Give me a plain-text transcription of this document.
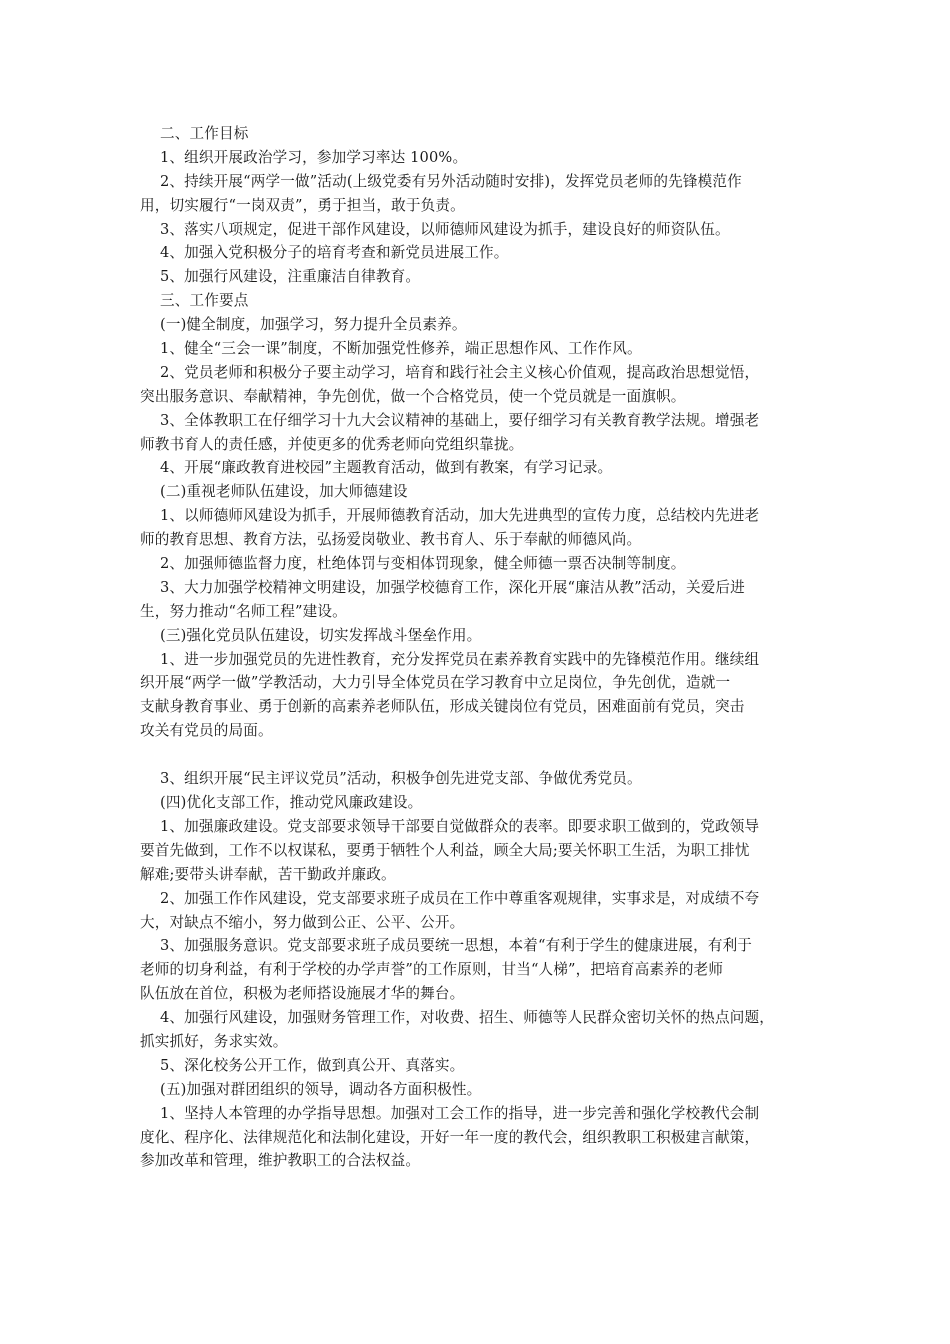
二、工作目标
1、组织开展政治学习，参加学习率达 100%。
2、持续开展“两学一做”活动(上级党委有另外活动随时安排)，发挥党员老师的先锋模范作
用，切实履行“一岗双责”，勇于担当，敢于负责。
3、落实八项规定，促进干部作风建设，以师德师风建设为抓手，建设良好的师资队伍。
4、加强入党积极分子的培育考查和新党员进展工作。
5、加强行风建设，注重廉洁自律教育。
三、工作要点
(一)健全制度，加强学习，努力提升全员素养。
1、健全“三会一课”制度，不断加强党性修养，端正思想作风、工作作风。
2、党员老师和积极分子要主动学习，培育和践行社会主义核心价值观，提高政治思想觉悟，
突出服务意识、奉献精神，争先创优，做一个合格党员，使一个党员就是一面旗帜。
3、全体教职工在仔细学习十九大会议精神的基础上，要仔细学习有关教育教学法规。增强老
师教书育人的责任感，并使更多的优秀老师向党组织靠拢。
4、开展“廉政教育进校园”主题教育活动，做到有教案，有学习记录。
(二)重视老师队伍建设，加大师德建设
1、以师德师风建设为抓手，开展师德教育活动，加大先进典型的宣传力度，总结校内先进老
师的教育思想、教育方法，弘扬爱岗敬业、教书育人、乐于奉献的师德风尚。
2、加强师德监督力度，杜绝体罚与变相体罚现象，健全师德一票否决制等制度。
3、大力加强学校精神文明建设，加强学校德育工作，深化开展“廉洁从教”活动，关爱后进
生，努力推动“名师工程”建设。
(三)强化党员队伍建设，切实发挥战斗堡垒作用。
1、进一步加强党员的先进性教育，充分发挥党员在素养教育实践中的先锋模范作用。继续组
织开展“两学一做”学教活动，大力引导全体党员在学习教育中立足岗位，争先创优，造就一
支献身教育事业、勇于创新的高素养老师队伍，形成关键岗位有党员，困难面前有党员，突击
攻关有党员的局面。
3、组织开展“民主评议党员”活动，积极争创先进党支部、争做优秀党员。
(四)优化支部工作，推动党风廉政建设。
1、加强廉政建设。党支部要求领导干部要自觉做群众的表率。即要求职工做到的，党政领导
要首先做到，工作不以权谋私，要勇于牺牲个人利益，顾全大局;要关怀职工生活，为职工排忧
解难;要带头讲奉献，苦干勤政并廉政。
2、加强工作作风建设，党支部要求班子成员在工作中尊重客观规律，实事求是，对成绩不夸
大，对缺点不缩小，努力做到公正、公平、公开。
3、加强服务意识。党支部要求班子成员要统一思想，本着“有利于学生的健康进展，有利于
老师的切身利益，有利于学校的办学声誉”的工作原则，甘当“人梯”，把培育高素养的老师
队伍放在首位，积极为老师搭设施展才华的舞台。
4、加强行风建设，加强财务管理工作，对收费、招生、师德等人民群众密切关怀的热点问题，
抓实抓好，务求实效。
5、深化校务公开工作，做到真公开、真落实。
(五)加强对群团组织的领导，调动各方面积极性。
1、坚持人本管理的办学指导思想。加强对工会工作的指导，进一步完善和强化学校教代会制
度化、程序化、法律规范化和法制化建设，开好一年一度的教代会，组织教职工积极建言献策，
参加改革和管理，维护教职工的合法权益。
